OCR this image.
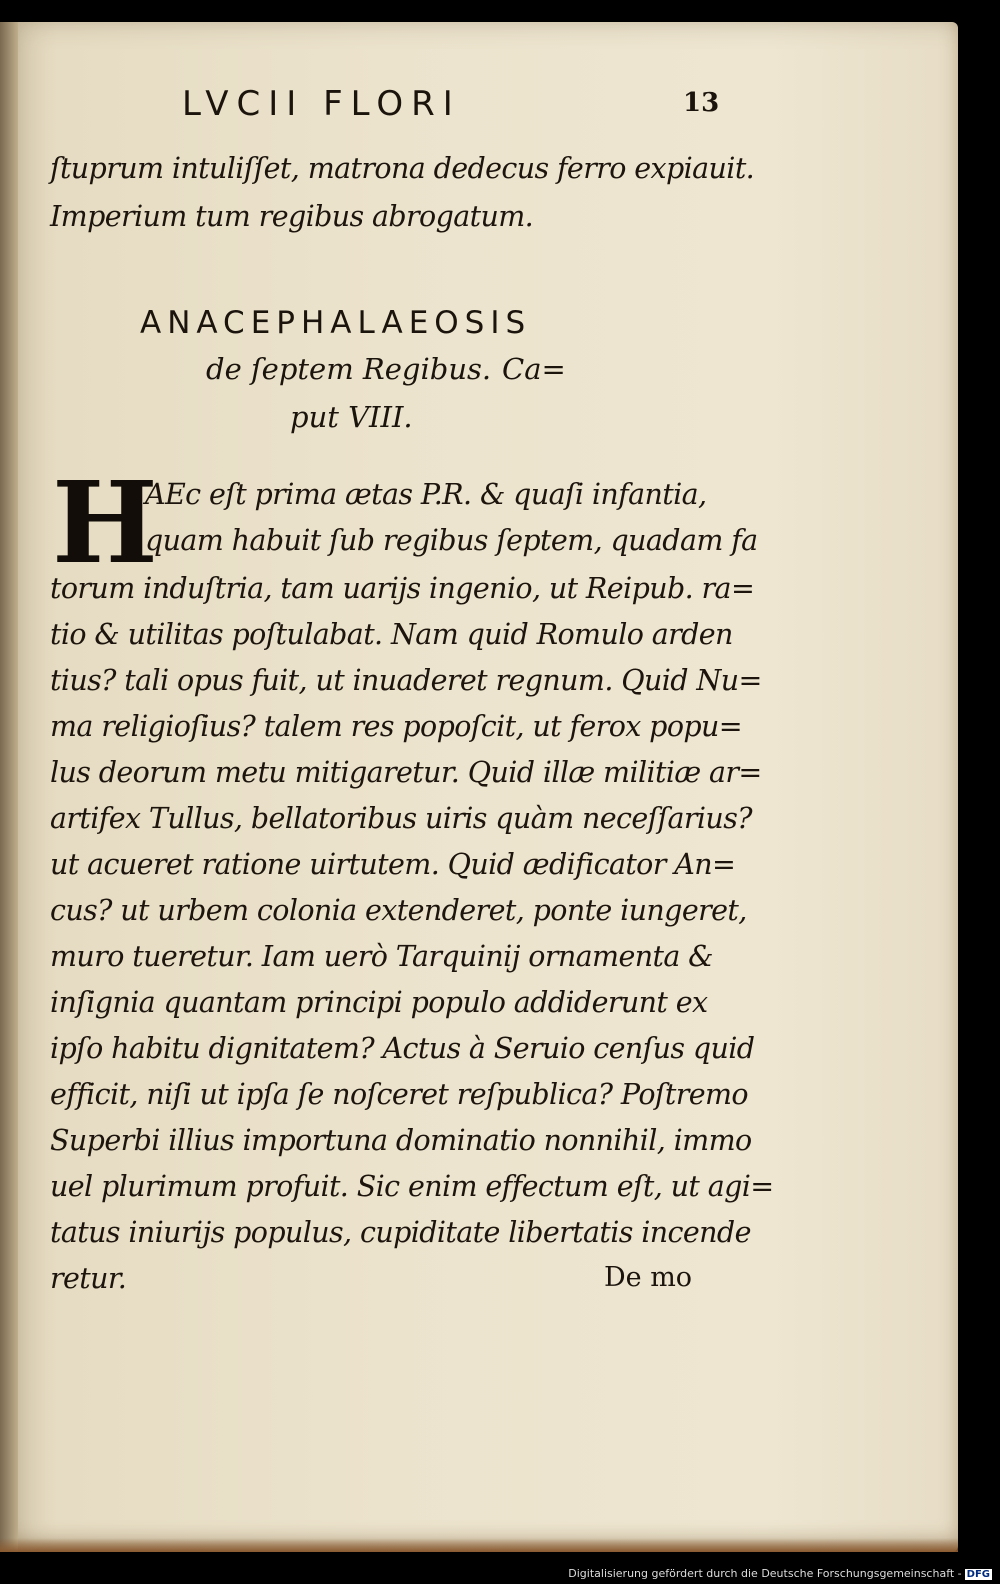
LVCII FLORI	13
ſtuprum intuliſſet, matrona dedecus ferro expiauit.
Imperium tum regibus abrogatum.
ANACEPHALAEOSIS
de ſeptem Regibus. Ca=
put VIII.
H
AEc eſt prima ætas P.R. & quaſi infantia,
quam habuit ſub regibus ſeptem, quadam fa
torum induſtria, tam uarijs ingenio, ut Reipub. ra=
tio & utilitas poſtulabat. Nam quid Romulo arden
tius? tali opus fuit, ut inuaderet regnum. Quid Nu=
ma religioſius? talem res popoſcit, ut ferox popu=
lus deorum metu mitigaretur. Quid illæ militiæ ar=
artifex Tullus, bellatoribus uiris quàm neceſſarius?
ut acueret ratione uirtutem. Quid ædificator An=
cus? ut urbem colonia extenderet, ponte iungeret,
muro tueretur. Iam uerò Tarquinij ornamenta &
inſignia quantam principi populo addiderunt ex
ipſo habitu dignitatem? Actus à Seruio cenſus quid
efficit, niſi ut ipſa ſe noſceret reſpublica? Poſtremo
Superbi illius importuna dominatio nonnihil, immo
uel plurimum profuit. Sic enim effectum eſt, ut agi=
tatus iniurijs populus, cupiditate libertatis incende
retur.	De mo
Digitalisierung gefördert durch die Deutsche Forschungsgemeinschaft - DFG
